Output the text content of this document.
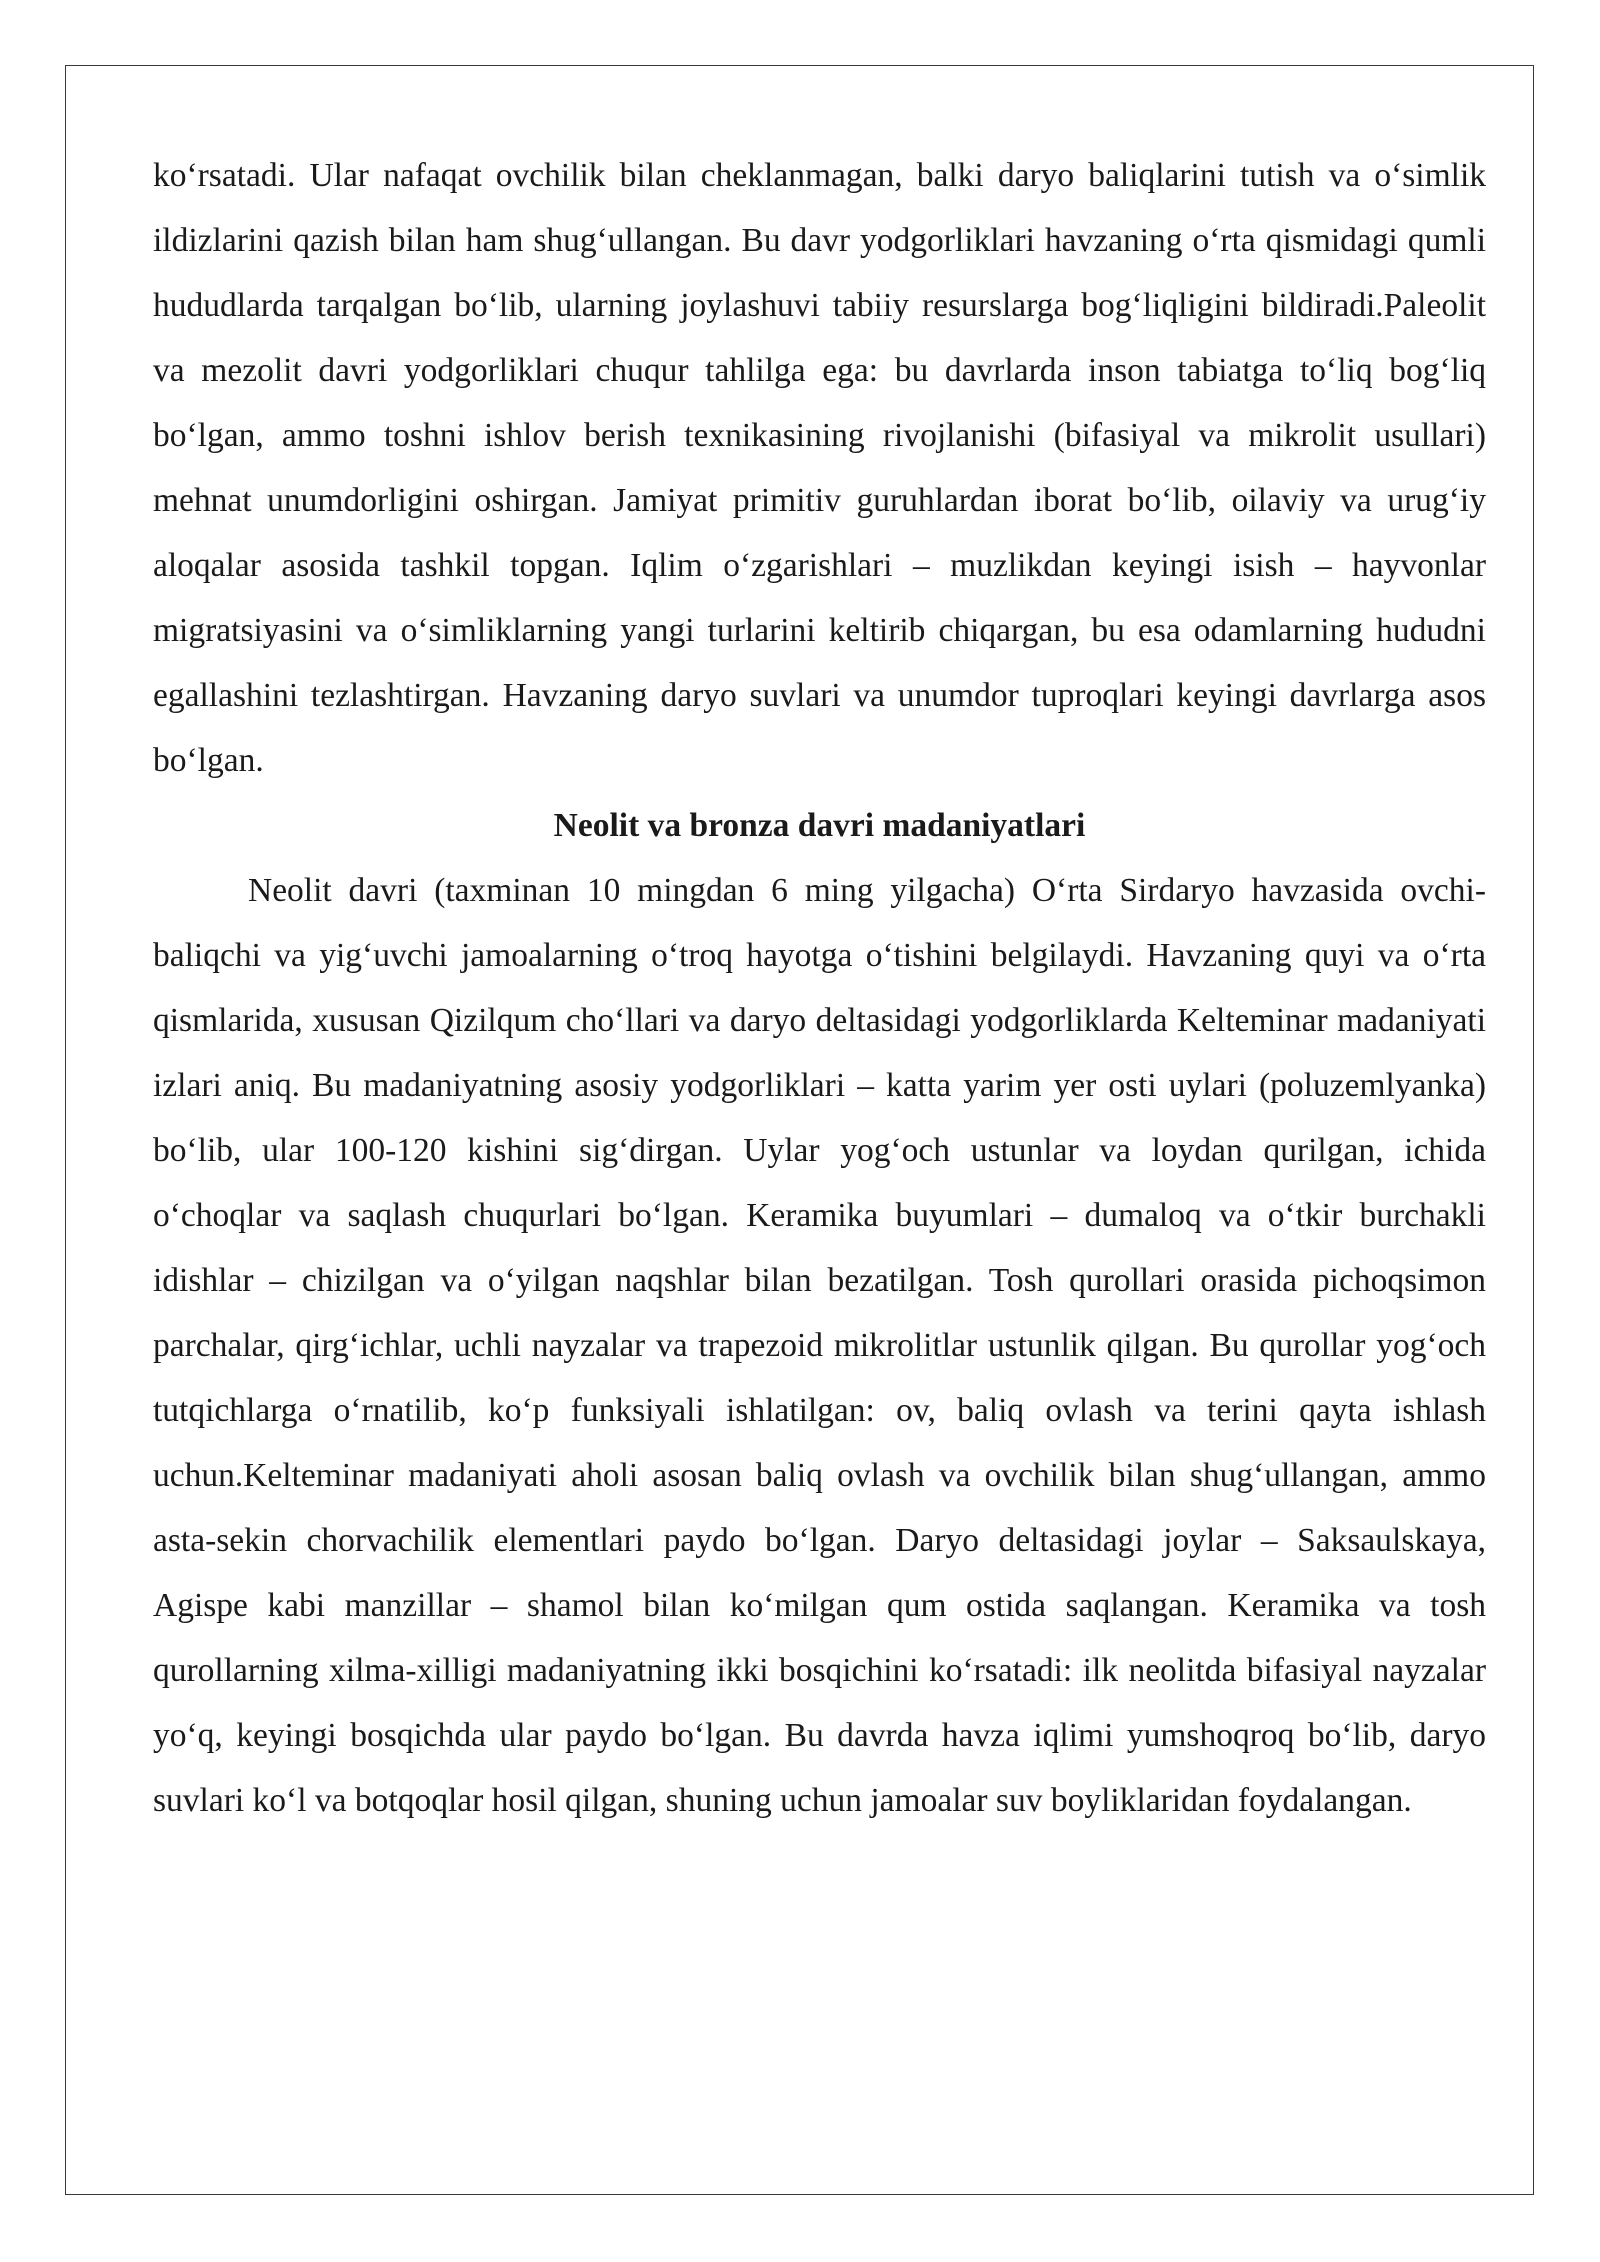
ko‘rsatadi. Ular nafaqat ovchilik bilan cheklanmagan, balki daryo baliqlarini tutish va o‘simlik ildizlarini qazish bilan ham shug‘ullangan. Bu davr yodgorliklari havzaning o‘rta qismidagi qumli hududlarda tarqalgan bo‘lib, ularning joylashuvi tabiiy resurslarga bog‘liqligini bildiradi.Paleolit va mezolit davri yodgorliklari chuqur tahlilga ega: bu davrlarda inson tabiatga to‘liq bog‘liq bo‘lgan, ammo toshni ishlov berish texnikasining rivojlanishi (bifasiyal va mikrolit usullari) mehnat unumdorligini oshirgan. Jamiyat primitiv guruhlardan iborat bo‘lib, oilaviy va urug‘iy aloqalar asosida tashkil topgan. Iqlim o‘zgarishlari – muzlikdan keyingi isish – hayvonlar migratsiyasini va o‘simliklarning yangi turlarini keltirib chiqargan, bu esa odamlarning hududni egallashini tezlashtirgan. Havzaning daryo suvlari va unumdor tuproqlari keyingi davrlarga asos bo‘lgan.

Neolit va bronza davri madaniyatlari

Neolit davri (taxminan 10 mingdan 6 ming yilgacha) O‘rta Sirdaryo havzasida ovchi-baliqchi va yig‘uvchi jamoalarning o‘troq hayotga o‘tishini belgilaydi. Havzaning quyi va o‘rta qismlarida, xususan Qizilqum cho‘llari va daryo deltasidagi yodgorliklarda Kelteminar madaniyati izlari aniq. Bu madaniyatning asosiy yodgorliklari – katta yarim yer osti uylari (poluzemlyanka) bo‘lib, ular 100-120 kishini sig‘dirgan. Uylar yog‘och ustunlar va loydan qurilgan, ichida o‘choqlar va saqlash chuqurlari bo‘lgan. Keramika buyumlari – dumaloq va o‘tkir burchakli idishlar – chizilgan va o‘yilgan naqshlar bilan bezatilgan. Tosh qurollari orasida pichoqsimon parchalar, qirg‘ichlar, uchli nayzalar va trapezoid mikrolitlar ustunlik qilgan. Bu qurollar yog‘och tutqichlarga o‘rnatilib, ko‘p funksiyali ishlatilgan: ov, baliq ovlash va terini qayta ishlash uchun.Kelteminar madaniyati aholi asosan baliq ovlash va ovchilik bilan shug‘ullangan, ammo asta-sekin chorvachilik elementlari paydo bo‘lgan. Daryo deltasidagi joylar – Saksaulskaya, Agispe kabi manzillar – shamol bilan ko‘milgan qum ostida saqlangan. Keramika va tosh qurollarning xilma-xilligi madaniyatning ikki bosqichini ko‘rsatadi: ilk neolitda bifasiyal nayzalar yo‘q, keyingi bosqichda ular paydo bo‘lgan. Bu davrda havza iqlimi yumshoqroq bo‘lib, daryo suvlari ko‘l va botqoqlar hosil qilgan, shuning uchun jamoalar suv boyliklaridan foydalangan.
